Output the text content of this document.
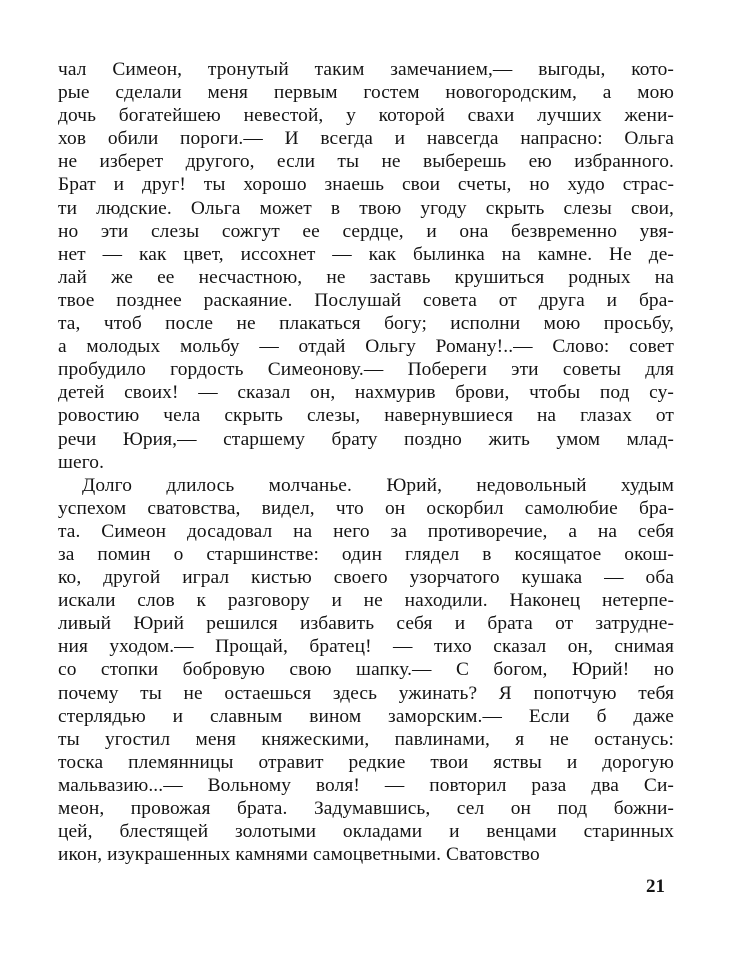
чал Симеон, тронутый таким замечанием,— выгоды, кото-
рые сделали меня первым гостем новогородским, а мою
дочь богатейшею невестой, у которой свахи лучших жени-
хов обили пороги.— И всегда и навсегда напрасно: Ольга
не изберет другого, если ты не выберешь ею избранного.
Брат и друг! ты хорошо знаешь свои счеты, но худо страс-
ти людские. Ольга может в твою угоду скрыть слезы свои,
но эти слезы сожгут ее сердце, и она безвременно увя-
нет — как цвет, иссохнет — как былинка на камне. Не де-
лай же ее несчастною, не заставь крушиться родных на
твое позднее раскаяние. Послушай совета от друга и бра-
та, чтоб после не плакаться богу; исполни мою просьбу,
а молодых мольбу — отдай Ольгу Роману!..— Слово: совет
пробудило гордость Симеонову.— Побереги эти советы для
детей своих! — сказал он, нахмурив брови, чтобы под су-
ровостию чела скрыть слезы, навернувшиеся на глазах от
речи Юрия,— старшему брату поздно жить умом млад-
шего.
Долго длилось молчанье. Юрий, недовольный худым
успехом сватовства, видел, что он оскорбил самолюбие бра-
та. Симеон досадовал на него за противоречие, а на себя
за помин о старшинстве: один глядел в косящатое окош-
ко, другой играл кистью своего узорчатого кушака — оба
искали слов к разговору и не находили. Наконец нетерпе-
ливый Юрий решился избавить себя и брата от затрудне-
ния уходом.— Прощай, братец! — тихо сказал он, снимая
со стопки бобровую свою шапку.— С богом, Юрий! но
почему ты не остаешься здесь ужинать? Я попотчую тебя
стерлядью и славным вином заморским.— Если б даже
ты угостил меня княжескими, павлинами, я не останусь:
тоска племянницы отравит редкие твои яствы и дорогую
мальвазию...— Вольному воля! — повторил раза два Си-
меон, провожая брата. Задумавшись, сел он под божни-
цей, блестящей золотыми окладами и венцами старинных
икон, изукрашенных камнями самоцветными. Сватовство
21
